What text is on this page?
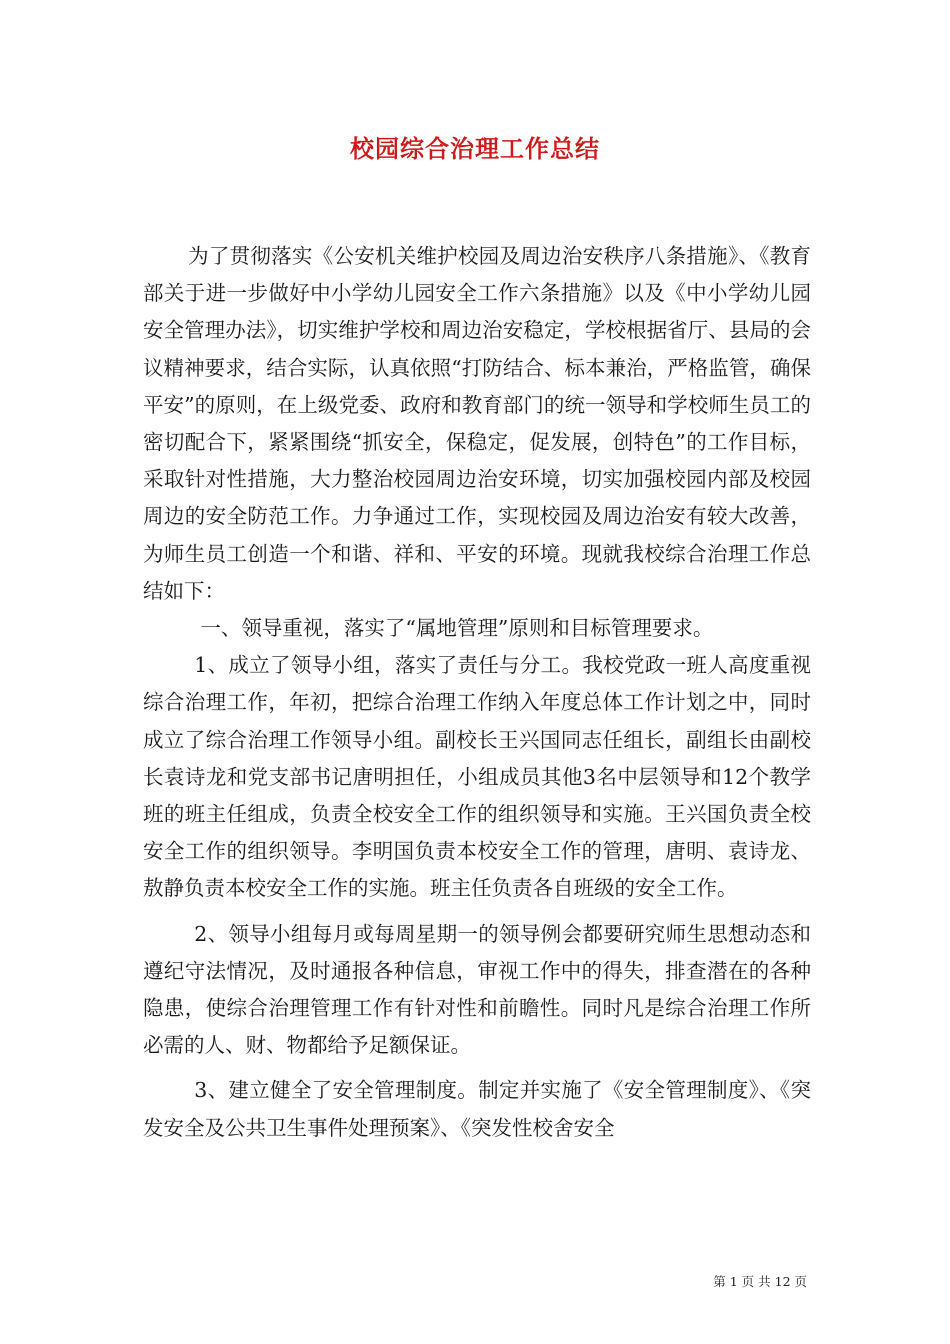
校园综合治理工作总结

为了贯彻落实《公安机关维护校园及周边治安秩序八条措施》、《教育部关于进一步做好中小学幼儿园安全工作六条措施》以及《中小学幼儿园安全管理办法》，切实维护学校和周边治安稳定，学校根据省厅、县局的会议精神要求，结合实际，认真依照“打防结合、标本兼治，严格监管，确保平安”的原则，在上级党委、政府和教育部门的统一领导和学校师生员工的密切配合下，紧紧围绕“抓安全，保稳定，促发展，创特色”的工作目标，采取针对性措施，大力整治校园周边治安环境，切实加强校园内部及校园周边的安全防范工作。力争通过工作，实现校园及周边治安有较大改善，为师生员工创造一个和谐、祥和、平安的环境。现就我校综合治理工作总结如下：

一、领导重视，落实了“属地管理”原则和目标管理要求。

1、成立了领导小组，落实了责任与分工。我校党政一班人高度重视综合治理工作，年初，把综合治理工作纳入年度总体工作计划之中，同时成立了综合治理工作领导小组。副校长王兴国同志任组长，副组长由副校长袁诗龙和党支部书记唐明担任，小组成员其他3名中层领导和12个教学班的班主任组成，负责全校安全工作的组织领导和实施。王兴国负责全校安全工作的组织领导。李明国负责本校安全工作的管理，唐明、袁诗龙、敖静负责本校安全工作的实施。班主任负责各自班级的安全工作。

2、领导小组每月或每周星期一的领导例会都要研究师生思想动态和遵纪守法情况，及时通报各种信息，审视工作中的得失，排查潜在的各种隐患，使综合治理管理工作有针对性和前瞻性。同时凡是综合治理工作所必需的人、财、物都给予足额保证。

3、建立健全了安全管理制度。制定并实施了《安全管理制度》、《突发安全及公共卫生事件处理预案》、《突发性校舍安全

第 1 页 共 12 页
